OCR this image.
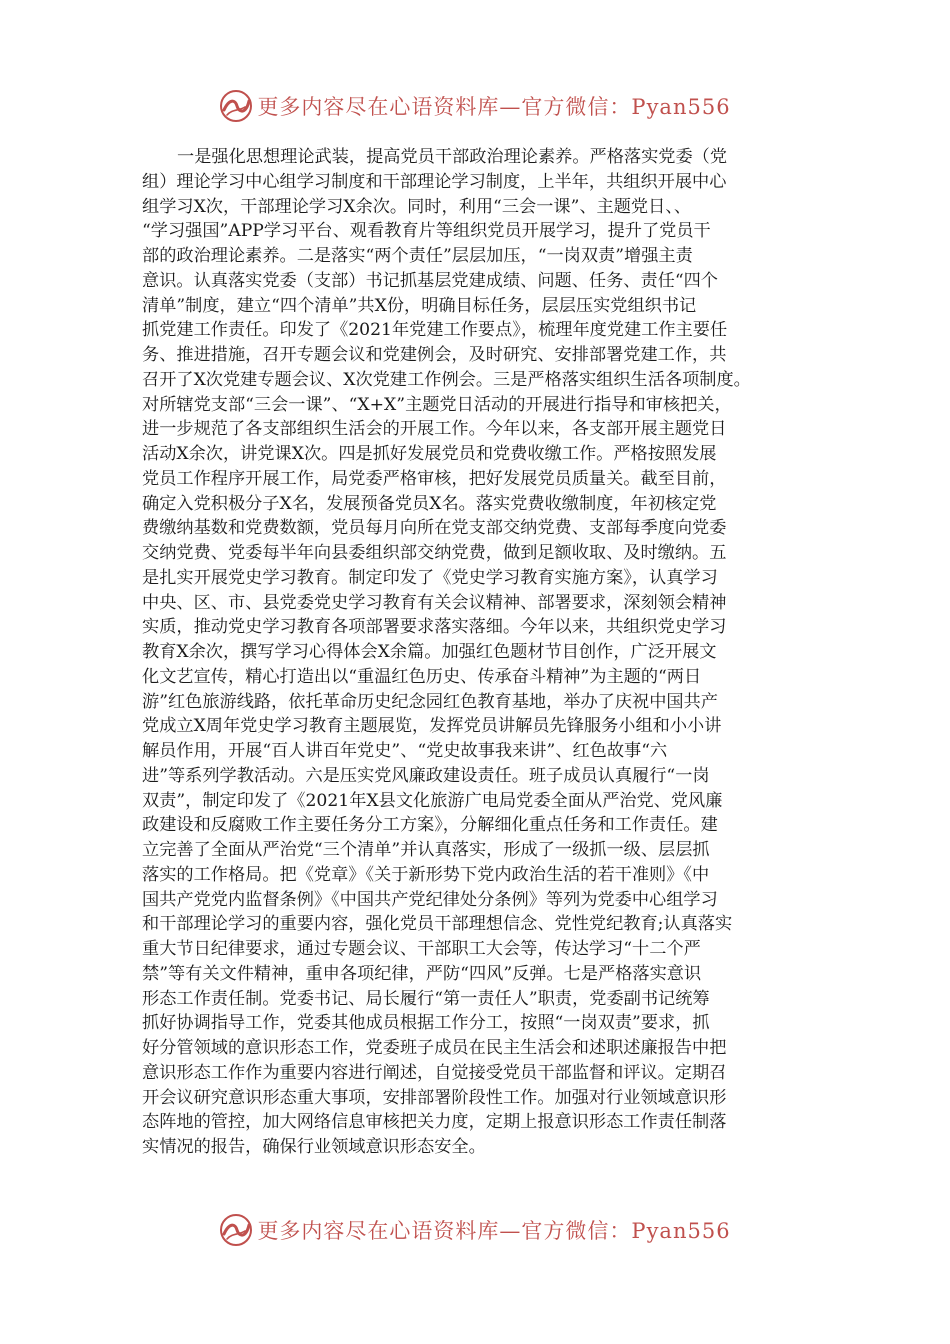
更多内容尽在心语资料库—官方微信：Pyan556
一是强化思想理论武装，提高党员干部政治理论素养。严格落实党委（党
组）理论学习中心组学习制度和干部理论学习制度，上半年，共组织开展中心
组学习X次，干部理论学习X余次。同时，利用“三会一课”、主题党日、、
“学习强国”APP学习平台、观看教育片等组织党员开展学习，提升了党员干
部的政治理论素养。二是落实“两个责任”层层加压，“一岗双责”增强主责
意识。认真落实党委（支部）书记抓基层党建成绩、问题、任务、责任“四个
清单”制度，建立“四个清单”共X份，明确目标任务，层层压实党组织书记
抓党建工作责任。印发了《2021年党建工作要点》，梳理年度党建工作主要任
务、推进措施，召开专题会议和党建例会，及时研究、安排部署党建工作，共
召开了X次党建专题会议、X次党建工作例会。三是严格落实组织生活各项制度。
对所辖党支部“三会一课”、“X+X”主题党日活动的开展进行指导和审核把关，
进一步规范了各支部组织生活会的开展工作。今年以来，各支部开展主题党日
活动X余次，讲党课X次。四是抓好发展党员和党费收缴工作。严格按照发展
党员工作程序开展工作，局党委严格审核，把好发展党员质量关。截至目前，
确定入党积极分子X名，发展预备党员X名。落实党费收缴制度，年初核定党
费缴纳基数和党费数额，党员每月向所在党支部交纳党费、支部每季度向党委
交纳党费、党委每半年向县委组织部交纳党费，做到足额收取、及时缴纳。五
是扎实开展党史学习教育。制定印发了《党史学习教育实施方案》，认真学习
中央、区、市、县党委党史学习教育有关会议精神、部署要求，深刻领会精神
实质，推动党史学习教育各项部署要求落实落细。今年以来，共组织党史学习
教育X余次，撰写学习心得体会X余篇。加强红色题材节目创作，广泛开展文
化文艺宣传，精心打造出以“重温红色历史、传承奋斗精神”为主题的“两日
游”红色旅游线路，依托革命历史纪念园红色教育基地，举办了庆祝中国共产
党成立X周年党史学习教育主题展览，发挥党员讲解员先锋服务小组和小小讲
解员作用，开展“百人讲百年党史”、“党史故事我来讲”、红色故事“六
进”等系列学教活动。六是压实党风廉政建设责任。班子成员认真履行“一岗
双责”，制定印发了《2021年X县文化旅游广电局党委全面从严治党、党风廉
政建设和反腐败工作主要任务分工方案》，分解细化重点任务和工作责任。建
立完善了全面从严治党“三个清单”并认真落实，形成了一级抓一级、层层抓
落实的工作格局。把《党章》《关于新形势下党内政治生活的若干准则》《中
国共产党党内监督条例》《中国共产党纪律处分条例》等列为党委中心组学习
和干部理论学习的重要内容，强化党员干部理想信念、党性党纪教育;认真落实
重大节日纪律要求，通过专题会议、干部职工大会等，传达学习“十二个严
禁”等有关文件精神，重申各项纪律，严防“四风”反弹。七是严格落实意识
形态工作责任制。党委书记、局长履行“第一责任人”职责，党委副书记统筹
抓好协调指导工作，党委其他成员根据工作分工，按照“一岗双责”要求，抓
好分管领域的意识形态工作，党委班子成员在民主生活会和述职述廉报告中把
意识形态工作作为重要内容进行阐述，自觉接受党员干部监督和评议。定期召
开会议研究意识形态重大事项，安排部署阶段性工作。加强对行业领域意识形
态阵地的管控，加大网络信息审核把关力度，定期上报意识形态工作责任制落
实情况的报告，确保行业领域意识形态安全。
更多内容尽在心语资料库—官方微信：Pyan556
